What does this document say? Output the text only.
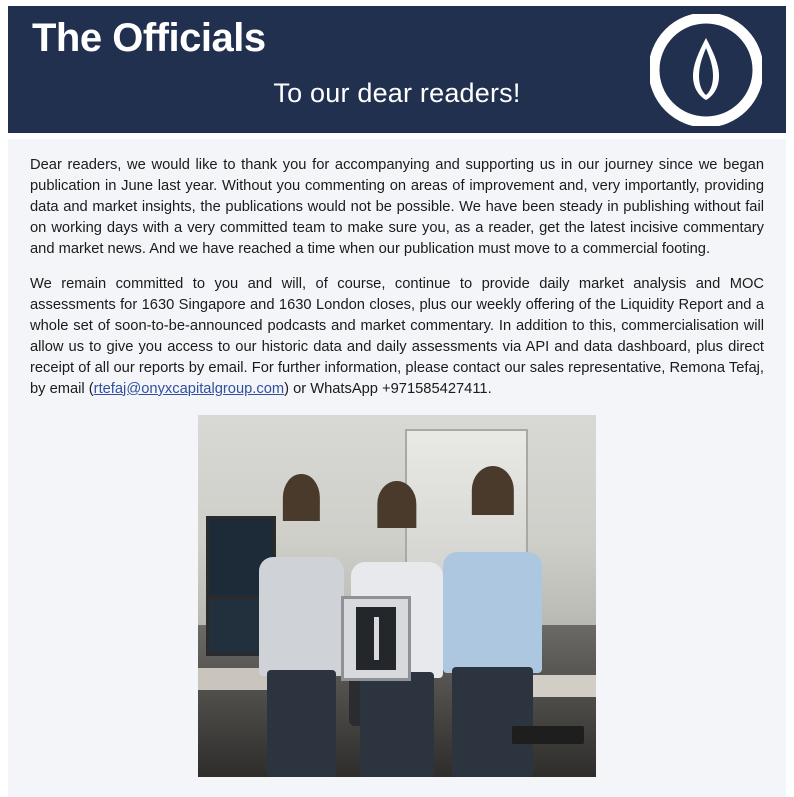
The Officials
To our dear readers!

Dear readers, we would like to thank you for accompanying and supporting us in our journey since we began publication in June last year. Without you commenting on areas of improvement and, very importantly, providing data and market insights, the publications would not be possible. We have been steady in publishing without fail on working days with a very committed team to make sure you, as a reader, get the latest incisive commentary and market news. And we have reached a time when our publication must move to a commercial footing.

We remain committed to you and will, of course, continue to provide daily market analysis and MOC assessments for 1630 Singapore and 1630 London closes, plus our weekly offering of the Liquidity Report and a whole set of soon-to-be-announced podcasts and market commentary. In addition to this, commercialisation will allow us to give you access to our historic data and daily assessments via API and data dashboard, plus direct receipt of all our reports by email. For further information, please contact our sales representative, Remona Tefaj, by email (rtefaj@onyxcapitalgroup.com) or WhatsApp +971585427411.
